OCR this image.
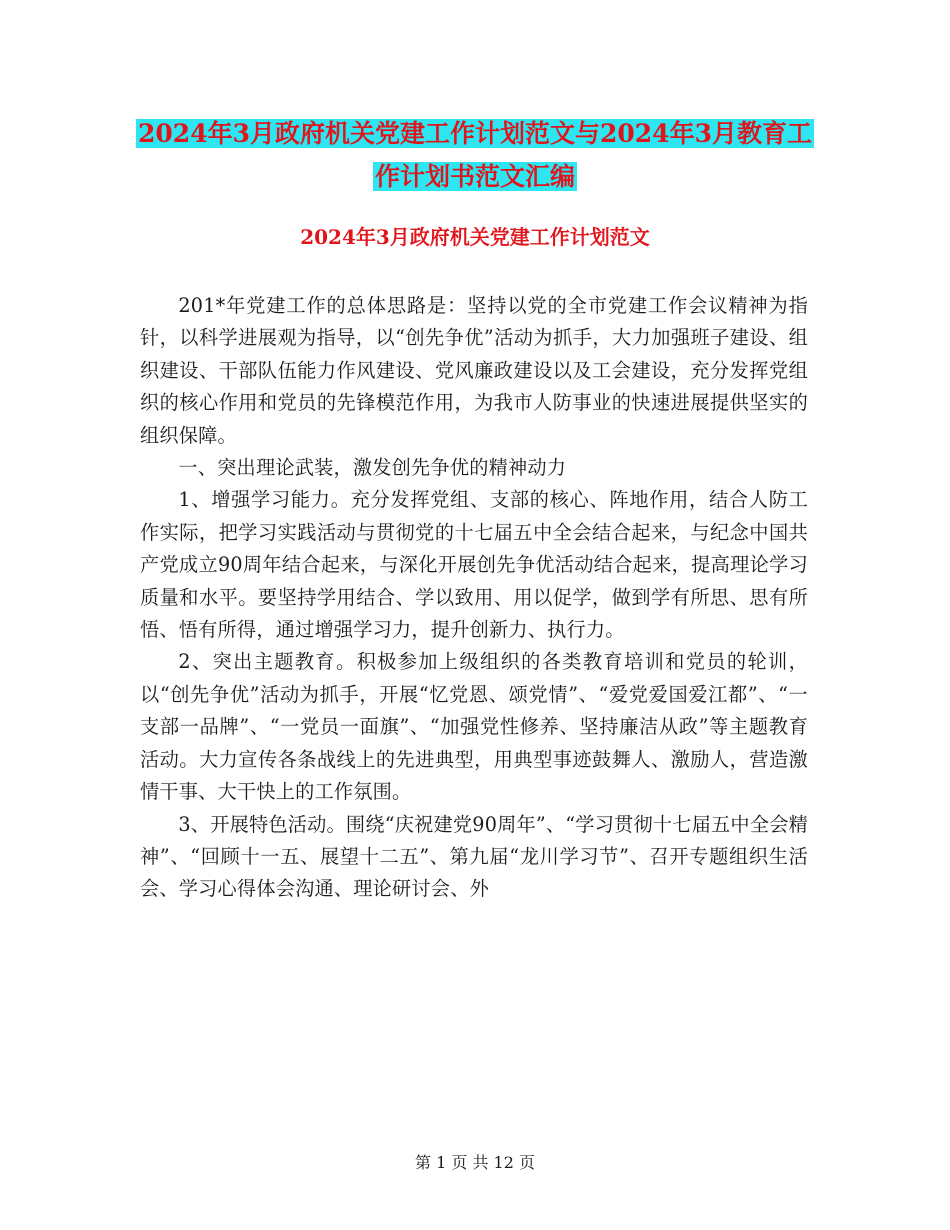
2024年3月政府机关党建工作计划范文与2024年3月教育工作计划书范文汇编
2024年3月政府机关党建工作计划范文

201*年党建工作的总体思路是：坚持以党的全市党建工作会议精神为指针，以科学进展观为指导，以“创先争优”活动为抓手，大力加强班子建设、组织建设、干部队伍能力作风建设、党风廉政建设以及工会建设，充分发挥党组织的核心作用和党员的先锋模范作用，为我市人防事业的快速进展提供坚实的组织保障。

一、突出理论武装，激发创先争优的精神动力

1、增强学习能力。充分发挥党组、支部的核心、阵地作用，结合人防工作实际，把学习实践活动与贯彻党的十七届五中全会结合起来，与纪念中国共产党成立90周年结合起来，与深化开展创先争优活动结合起来，提高理论学习质量和水平。要坚持学用结合、学以致用、用以促学，做到学有所思、思有所悟、悟有所得，通过增强学习力，提升创新力、执行力。

2、突出主题教育。积极参加上级组织的各类教育培训和党员的轮训，以“创先争优”活动为抓手，开展“忆党恩、颂党情”、“爱党爱国爱江都”、“一支部一品牌”、“一党员一面旗”、“加强党性修养、坚持廉洁从政”等主题教育活动。大力宣传各条战线上的先进典型，用典型事迹鼓舞人、激励人，营造激情干事、大干快上的工作氛围。

3、开展特色活动。围绕“庆祝建党90周年”、“学习贯彻十七届五中全会精神”、“回顾十一五、展望十二五”、第九届“龙川学习节”、召开专题组织生活会、学习心得体会沟通、理论研讨会、外

第 1 页 共 12 页
